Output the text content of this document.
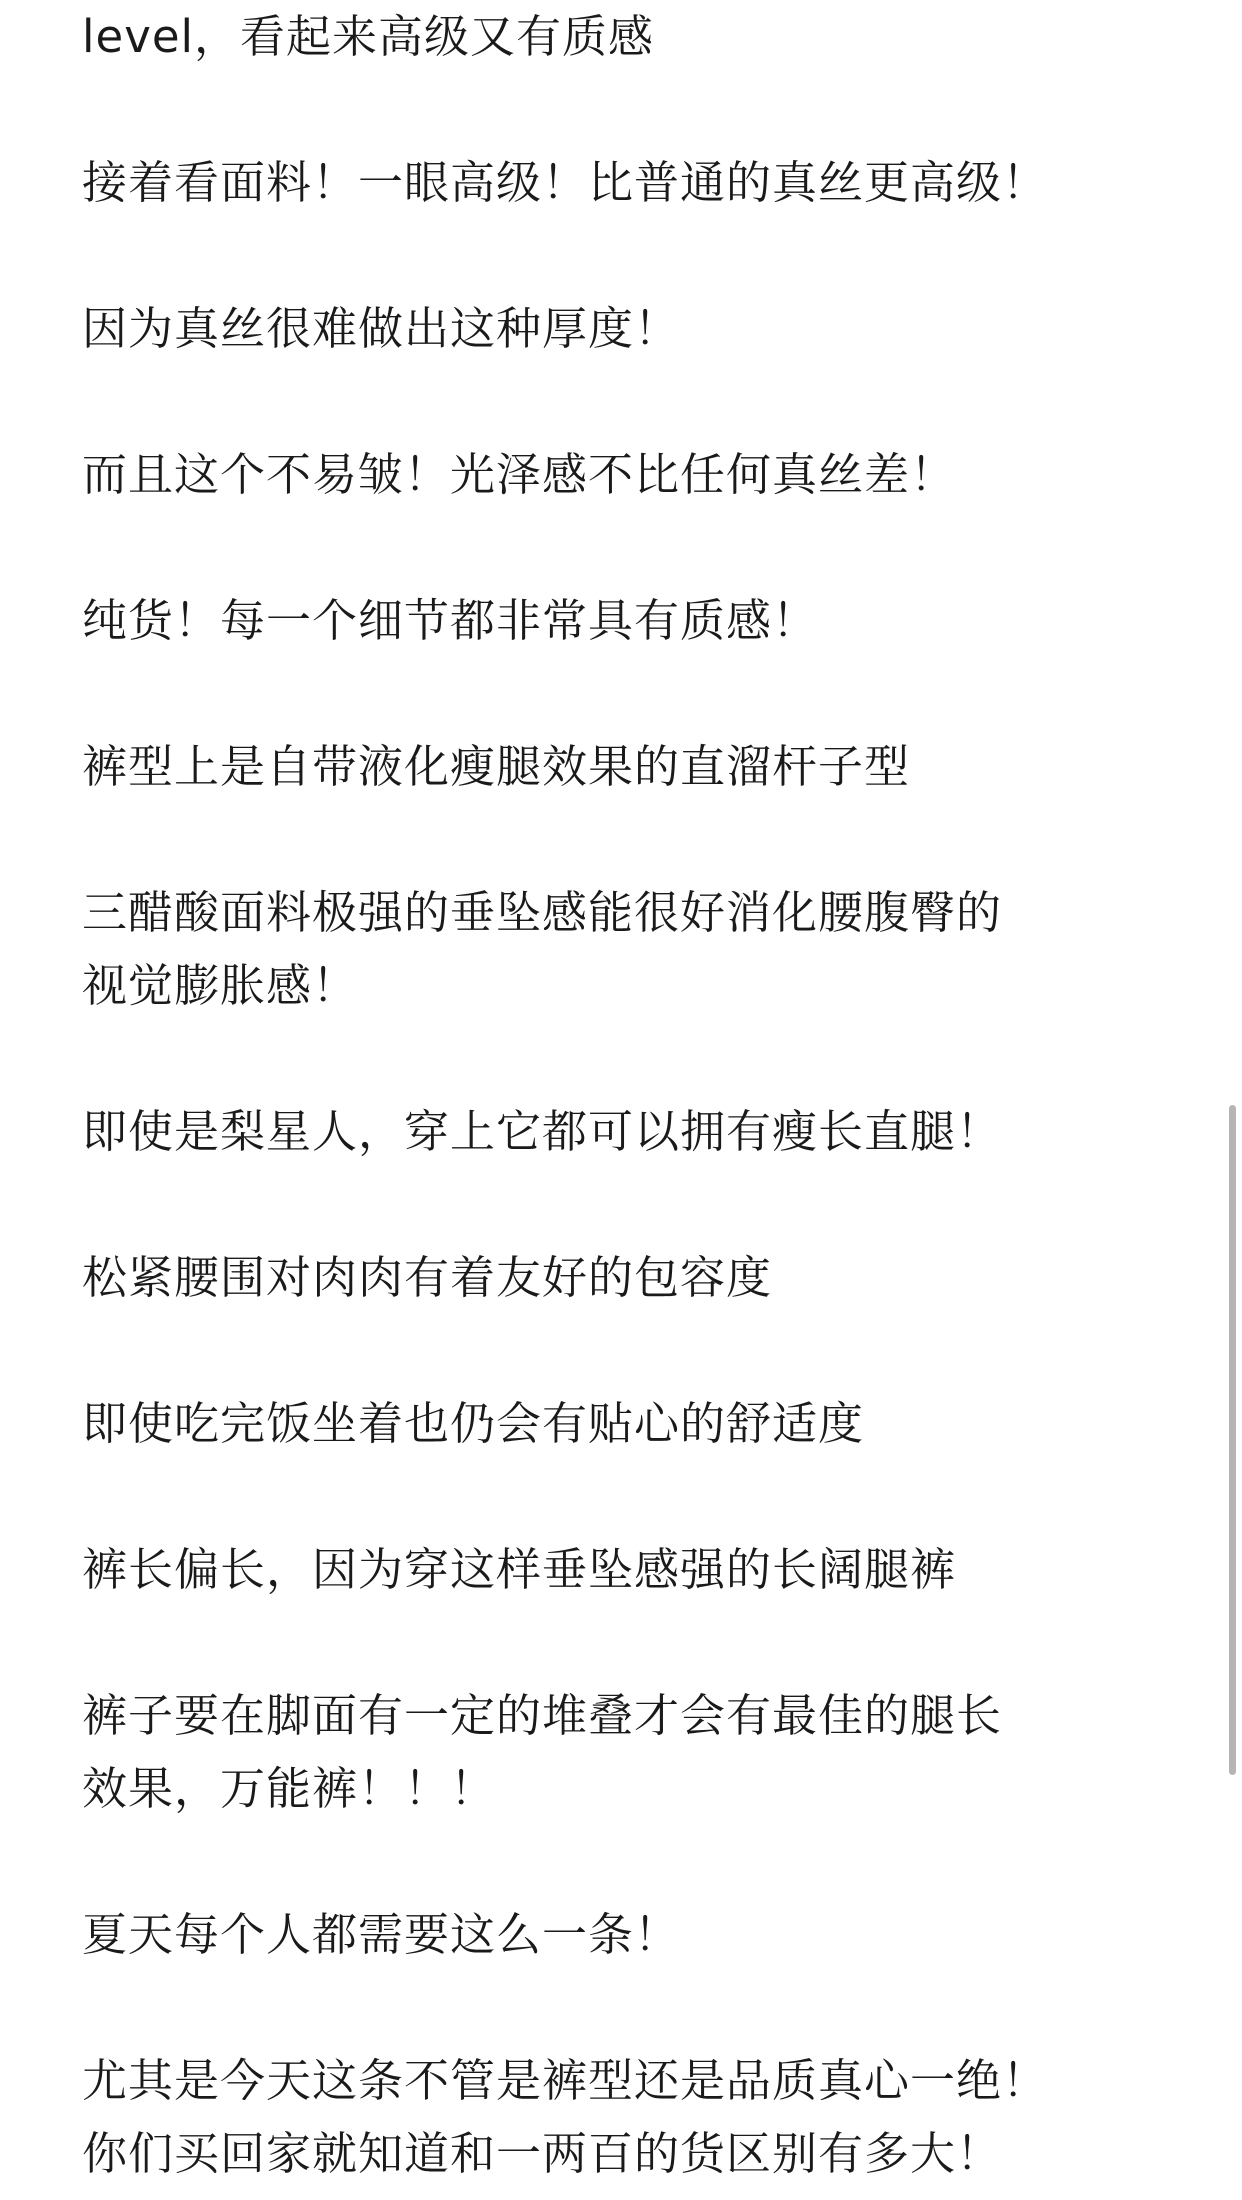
level，看起来高级又有质感

接着看面料！一眼高级！比普通的真丝更高级！

因为真丝很难做出这种厚度！

而且这个不易皱！光泽感不比任何真丝差！

纯货！每一个细节都非常具有质感！

裤型上是自带液化瘦腿效果的直溜杆子型

三醋酸面料极强的垂坠感能很好消化腰腹臀的
视觉膨胀感！

即使是梨星人，穿上它都可以拥有瘦长直腿！

松紧腰围对肉肉有着友好的包容度

即使吃完饭坐着也仍会有贴心的舒适度

裤长偏长，因为穿这样垂坠感强的长阔腿裤

裤子要在脚面有一定的堆叠才会有最佳的腿长
效果，万能裤！！！

夏天每个人都需要这么一条！

尤其是今天这条不管是裤型还是品质真心一绝！
你们买回家就知道和一两百的货区别有多大！
